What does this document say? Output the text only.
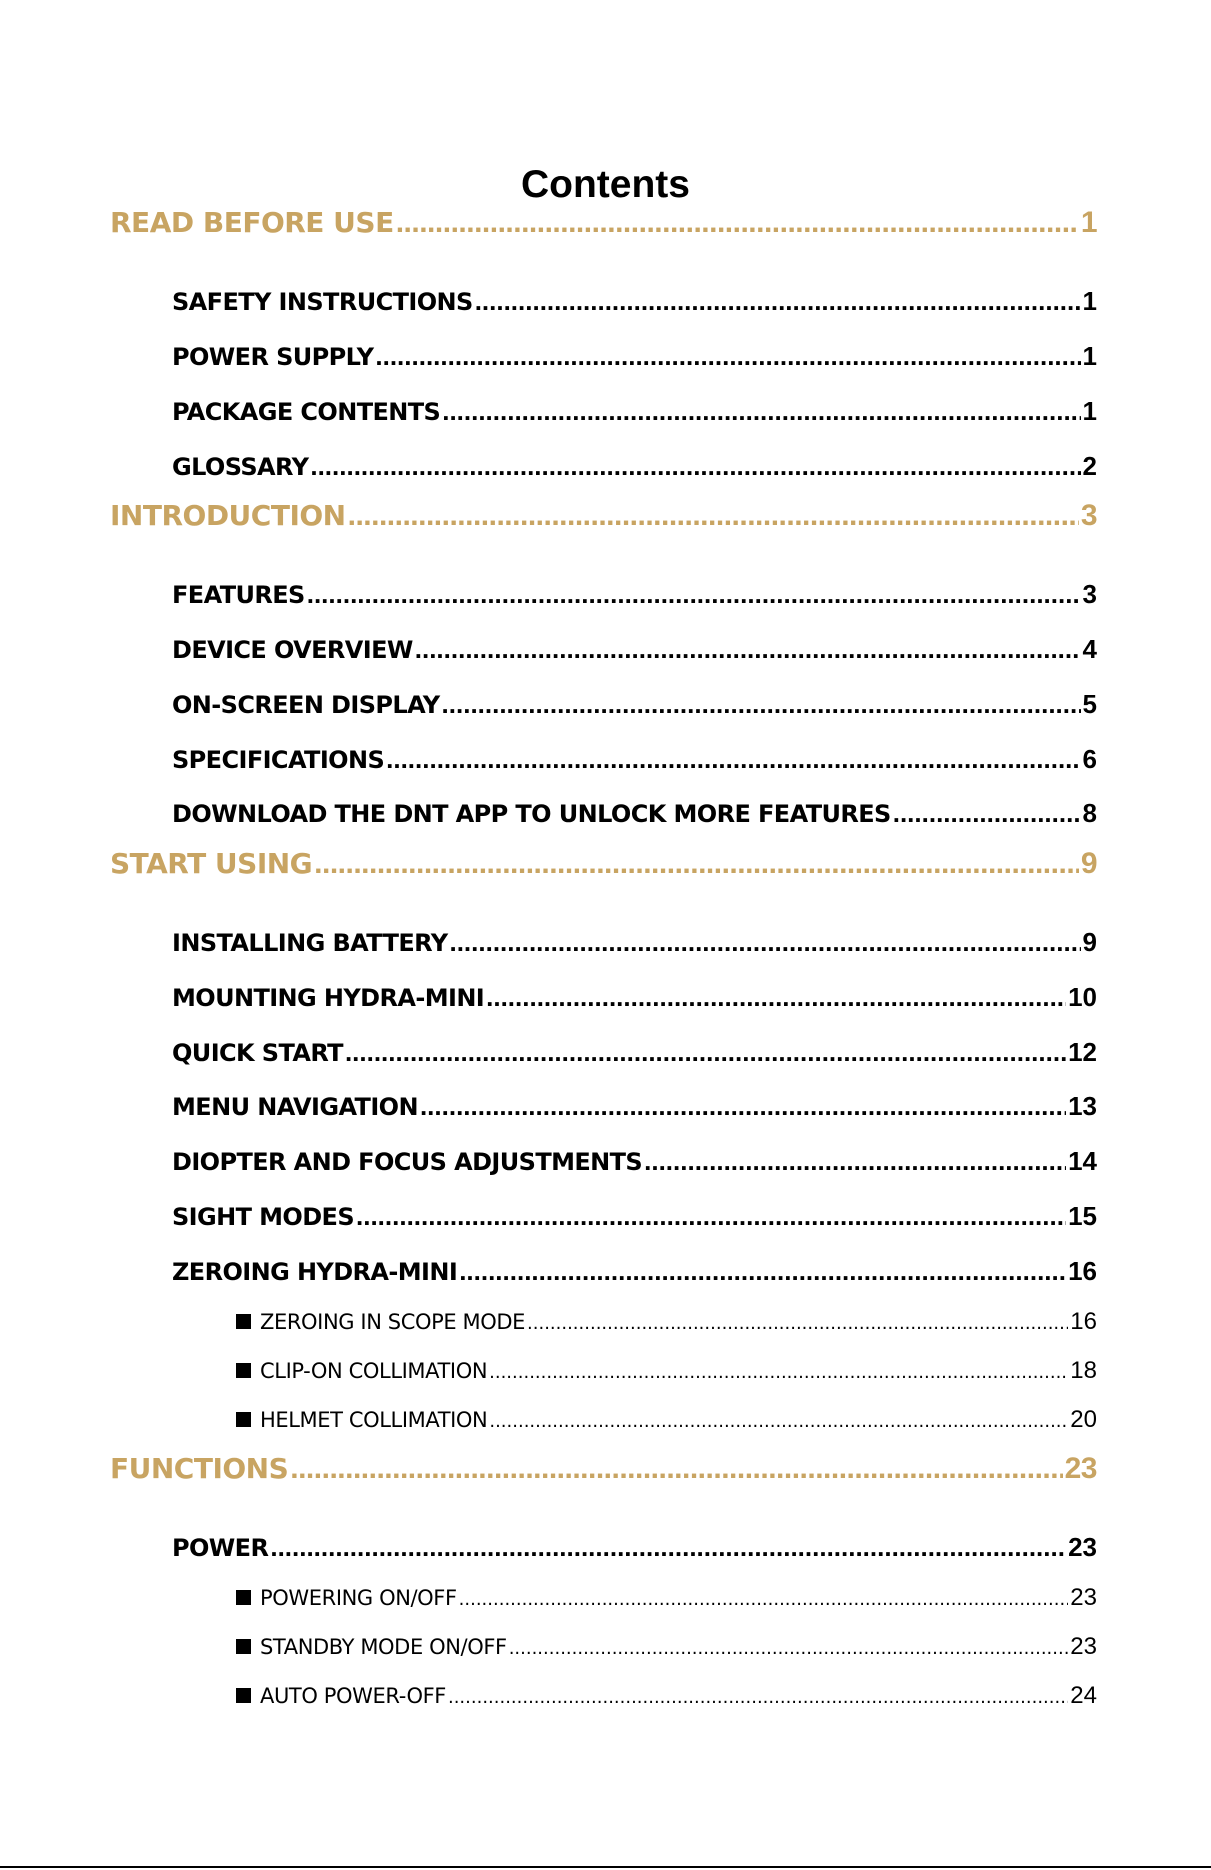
Contents
READ BEFORE USE .....	1
SAFETY INSTRUCTIONS .....	1
POWER SUPPLY .....	1
PACKAGE CONTENTS .....	1
GLOSSARY .....	2
INTRODUCTION .....	3
FEATURES .....	3
DEVICE OVERVIEW .....	4
ON-SCREEN DISPLAY .....	5
SPECIFICATIONS .....	6
DOWNLOAD THE DNT APP TO UNLOCK MORE FEATURES .....	8
START USING .....	9
INSTALLING BATTERY .....	9
MOUNTING HYDRA-MINI .....	10
QUICK START .....	12
MENU NAVIGATION .....	13
DIOPTER AND FOCUS ADJUSTMENTS .....	14
SIGHT MODES .....	15
ZEROING HYDRA-MINI .....	16
ZEROING IN SCOPE MODE .....	16
CLIP-ON COLLIMATION .....	18
HELMET COLLIMATION .....	20
FUNCTIONS .....	23
POWER .....	23
POWERING ON/OFF .....	23
STANDBY MODE ON/OFF .....	23
AUTO POWER-OFF .....	24
